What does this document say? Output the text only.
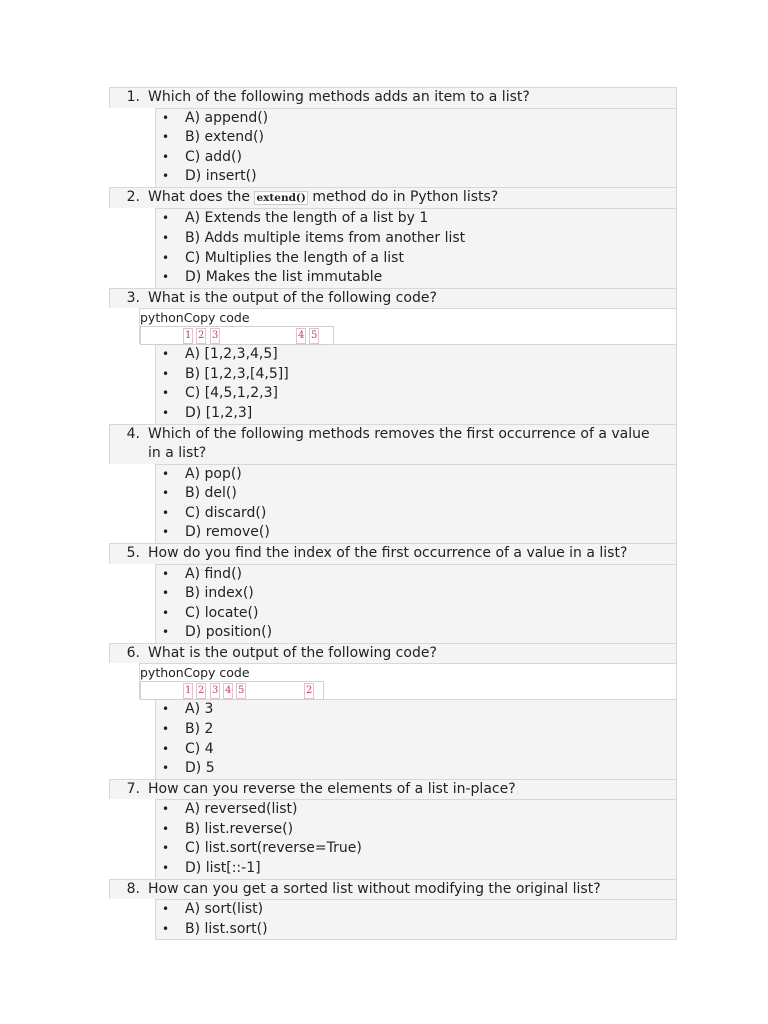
1. Which of the following methods adds an item to a list?
• A) append()
• B) extend()
• C) add()
• D) insert()
2. What does the extend() method do in Python lists?
• A) Extends the length of a list by 1
• B) Adds multiple items from another list
• C) Multiplies the length of a list
• D) Makes the list immutable
3. What is the output of the following code?
pythonCopy code
1 2 3	4 5
• A) [1,2,3,4,5]
• B) [1,2,3,[4,5]]
• C) [4,5,1,2,3]
• D) [1,2,3]
4. Which of the following methods removes the first occurrence of a value in a list?
• A) pop()
• B) del()
• C) discard()
• D) remove()
5. How do you find the index of the first occurrence of a value in a list?
• A) find()
• B) index()
• C) locate()
• D) position()
6. What is the output of the following code?
pythonCopy code
1 2 3 4 5	2
• A) 3
• B) 2
• C) 4
• D) 5
7. How can you reverse the elements of a list in-place?
• A) reversed(list)
• B) list.reverse()
• C) list.sort(reverse=True)
• D) list[::-1]
8. How can you get a sorted list without modifying the original list?
• A) sort(list)
• B) list.sort()
